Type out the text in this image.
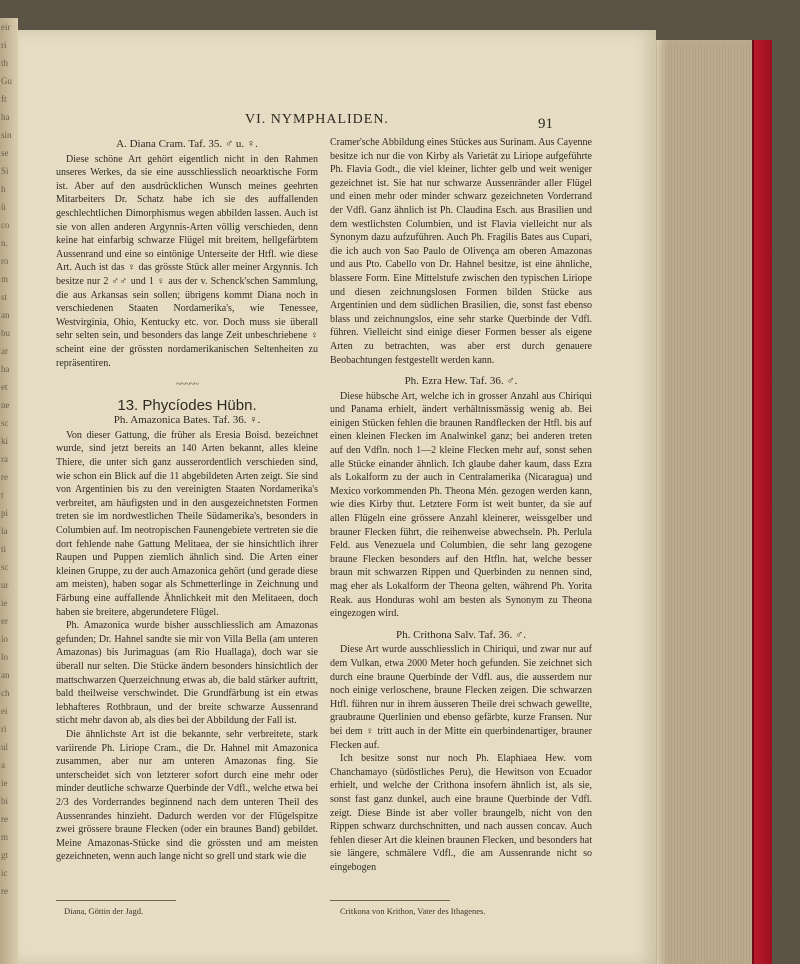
eir
ri
th
Gu
ft
ha
sin
se
Si
h
ü
co
n.
ro
m
st
an
bu
ar
ha
et
ne
sc
ki
ra
re
t
pi
la
ti
sc
ur
ie
er
io
lo
an
ch
ei
ri
ul
a
ie
bi
re
m
gt
ic
re
VI. NYMPHALIDEN.	91
A. Diana Cram. Taf. 35. ♂ u. ♀.

Diese schöne Art gehört eigentlich nicht in den Rahmen unseres Werkes, da sie eine ausschliesslich neoarktische Form ist. Aber auf den ausdrücklichen Wunsch meines geehrten Mitarbeiters Dr. Schatz habe ich sie des auffallenden geschlechtlichen Dimorphismus wegen abbilden lassen. Auch ist sie von allen anderen Argynnis-Arten völlig verschieden, denn keine hat einfarbig schwarze Flügel mit breitem, hellgefärbtem Aussenrand und eine so eintönige Unterseite der Htfl. wie diese Art. Auch ist das ♀ das grösste Stück aller meiner Argynnis. Ich besitze nur 2 ♂♂ und 1 ♀ aus der v. Schenck'schen Sammlung, die aus Arkansas sein sollen; übrigens kommt Diana noch in verschiedenen Staaten Nordamerika's, wie Tenessee, Westvirginia, Ohio, Kentucky etc. vor. Doch muss sie überall sehr selten sein, und besonders das lange Zeit unbeschriebene ♀ scheint eine der grössten nordamerikanischen Seltenheiten zu repräsentiren.

~~~~~
13. Phycíodes Hübn.
Ph. Amazonica Bates. Taf. 36. ♀.

Von dieser Gattung, die früher als Eresia Boisd. bezeichnet wurde, sind jetzt bereits an 140 Arten bekannt, alles kleine Thiere, die unter sich ganz ausserordentlich verschieden sind, wie schon ein Blick auf die 11 abgebildeten Arten zeigt. Sie sind von Argentinien bis zu den vereinigten Staaten Nordamerika's verbreitet, am häufigsten und in den ausgezeichnetsten Formen treten sie im nordwestlichen Theile Südamerika's, besonders in Columbien auf. Im neotropischen Faunengebiete vertreten sie die dort fehlende nahe Gattung Melitaea, der sie hinsichtlich ihrer Raupen und Puppen ziemlich ähnlich sind. Die Arten einer kleinen Gruppe, zu der auch Amazonica gehört (und gerade diese am meisten), haben sogar als Schmetterlinge in Zeichnung und Färbung eine auffallende Ähnlichkeit mit den Melitaeen, doch haben sie breitere, abgerundetere Flügel.

Ph. Amazonica wurde bisher ausschliesslich am Amazonas gefunden; Dr. Hahnel sandte sie mir von Villa Bella (am unteren Amazonas) bis Jurimaguas (am Rio Huallaga), doch war sie überall nur selten. Die Stücke ändern besonders hinsichtlich der mattschwarzen Querzeichnung etwas ab, die bald stärker auftritt, bald theilweise verschwindet. Die Grundfärbung ist ein etwas lebhafteres Rothbraun, und der breite schwarze Aussenrand sticht mehr davon ab, als dies bei der Abbildung der Fall ist.

Die ähnlichste Art ist die bekannte, sehr verbreitete, stark variirende Ph. Liriope Cram., die Dr. Hahnel mit Amazonica zusammen, aber nur am unteren Amazonas fing. Sie unterscheidet sich von letzterer sofort durch eine mehr oder minder deutliche schwarze Querbinde der Vdfl., welche etwa bei 2/3 des Vorderrandes beginnend nach dem unteren Theil des Aussenrandes hinzieht. Dadurch werden vor der Flügelspitze zwei grössere braune Flecken (oder ein braunes Band) gebildet. Meine Amazonas-Stücke sind die grössten und am meisten gezeichneten, wenn auch lange nicht so grell und stark wie die

Diana, Göttin der Jagd.

Cramer'sche Abbildung eines Stückes aus Surinam. Aus Cayenne besitze ich nur die von Kirby als Varietät zu Liriope aufgeführte Ph. Flavia Godt., die viel kleiner, lichter gelb und weit weniger gezeichnet ist. Sie hat nur schwarze Aussenränder aller Flügel und einen mehr oder minder schwarz gezeichneten Vorderrand der Vdfl. Ganz ähnlich ist Ph. Claudina Esch. aus Brasilien und dem westlichsten Columbien, und ist Flavia vielleicht nur als Synonym dazu aufzuführen. Auch Ph. Fragilis Bates aus Cupari, die ich auch von Sao Paulo de Olivença am oberen Amazonas und aus Pto. Cabello von Dr. Hahnel besitze, ist eine ähnliche, blassere Form. Eine Mittelstufe zwischen den typischen Liriope und diesen zeichnungslosen Formen bilden Stücke aus Argentinien und dem südlichen Brasilien, die, sonst fast ebenso blass und zeichnungslos, eine sehr starke Querbinde der Vdfl. führen. Vielleicht sind einige dieser Formen besser als eigene Arten zu betrachten, was aber erst durch genauere Beobachtungen festgestellt werden kann.

Ph. Ezra Hew. Taf. 36. ♂.

Diese hübsche Art, welche ich in grosser Anzahl aus Chiriqui und Panama erhielt, ändert verhältnissmässig wenig ab. Bei einigen Stücken fehlen die braunen Randflecken der Htfl. bis auf einen kleinen Flecken im Analwinkel ganz; bei anderen treten auf den Vdfln. noch 1—2 kleine Flecken mehr auf, sonst sehen alle Stücke einander ähnlich. Ich glaube daher kaum, dass Ezra als Lokalform zu der auch in Centralamerika (Nicaragua) und Mexico vorkommenden Ph. Theona Mén. gezogen werden kann, wie dies Kirby thut. Letztere Form ist weit bunter, da sie auf allen Flügeln eine grössere Anzahl kleinerer, weissgelber und brauner Flecken führt, die reihenweise abwechseln. Ph. Perlula Feld. aus Venezuela und Columbien, die sehr lang gezogene braune Flecken besonders auf den Htfln. hat, welche besser braun mit schwarzen Rippen und Querbinden zu nennen sind, mag eher als Lokalform der Theona gelten, während Ph. Yorita Reak. aus Honduras wohl am besten als Synonym zu Theona eingezogen wird.

Ph. Crithona Salv. Taf. 36. ♂.

Diese Art wurde ausschliesslich in Chiriqui, und zwar nur auf dem Vulkan, etwa 2000 Meter hoch gefunden. Sie zeichnet sich durch eine braune Querbinde der Vdfl. aus, die ausserdem nur noch einige verloschene, braune Flecken zeigen. Die schwarzen Htfl. führen nur in ihrem äusseren Theile drei schwach gewellte, graubraune Querlinien und ebenso gefärbte, kurze Fransen. Nur bei dem ♀ tritt auch in der Mitte ein querbindenartiger, brauner Flecken auf.

Ich besitze sonst nur noch Ph. Elaphiaea Hew. vom Chanchamayo (südöstliches Peru), die Hewitson von Ecuador erhielt, und welche der Crithona insofern ähnlich ist, als sie, sonst fast ganz dunkel, auch eine braune Querbinde der Vdfl. zeigt. Diese Binde ist aber voller braungelb, nicht von den Rippen schwarz durchschnitten, und nach aussen concav. Auch fehlen dieser Art die kleinen braunen Flecken, und besonders hat sie längere, schmälere Vdfl., die am Aussenrande nicht so eingebogen

Critkona von Krithon, Vater des Ithagenes.
